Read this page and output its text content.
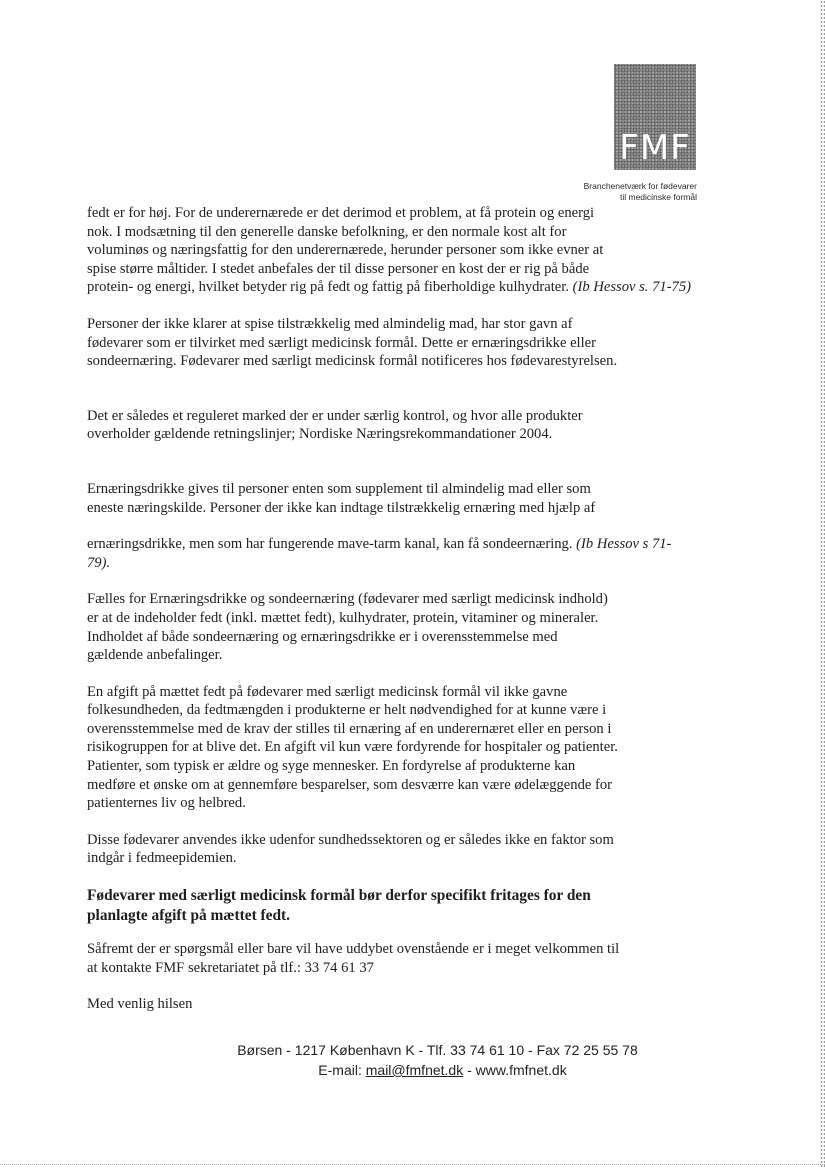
FMF
Branchenetværk for fødevarer
til medicinske formål

fedt er for høj. For de underernærede er det derimod et problem, at få protein og energi
nok. I modsætning til den generelle danske befolkning, er den normale kost alt for
voluminøs og næringsfattig for den underernærede, herunder personer som ikke evner at
spise større måltider. I stedet anbefales der til disse personer en kost der er rig på både
protein- og energi, hvilket betyder rig på fedt og fattig på fiberholdige kulhydrater. (Ib Hessov s. 71-75)

Personer der ikke klarer at spise tilstrækkelig med almindelig mad, har stor gavn af
fødevarer som er tilvirket med særligt medicinsk formål. Dette er ernæringsdrikke eller
sondeernæring. Fødevarer med særligt medicinsk formål notificeres hos fødevarestyrelsen.

Det er således et reguleret marked der er under særlig kontrol, og hvor alle produkter
overholder gældende retningslinjer; Nordiske Næringsrekommandationer 2004.

Ernæringsdrikke gives til personer enten som supplement til almindelig mad eller som
eneste næringskilde. Personer der ikke kan indtage tilstrækkelig ernæring med hjælp af

ernæringsdrikke, men som har fungerende mave-tarm kanal, kan få sondeernæring. (Ib Hessov s 71-79).

Fælles for Ernæringsdrikke og sondeernæring (fødevarer med særligt medicinsk indhold)
er at de indeholder fedt (inkl. mættet fedt), kulhydrater, protein, vitaminer og mineraler.
Indholdet af både sondeernæring og ernæringsdrikke er i overensstemmelse med
gældende anbefalinger.

En afgift på mættet fedt på fødevarer med særligt medicinsk formål vil ikke gavne
folkesundheden, da fedtmængden i produkterne er helt nødvendighed for at kunne være i
overensstemmelse med de krav der stilles til ernæring af en underernæret eller en person i
risikogruppen for at blive det. En afgift vil kun være fordyrende for hospitaler og patienter.
Patienter, som typisk er ældre og syge mennesker. En fordyrelse af produkterne kan
medføre et ønske om at gennemføre besparelser, som desværre kan være ødelæggende for
patienternes liv og helbred.

Disse fødevarer anvendes ikke udenfor sundhedssektoren og er således ikke en faktor som
indgår i fedmeepidemien.

Fødevarer med særligt medicinsk formål bør derfor specifikt fritages for den
planlagte afgift på mættet fedt.

Såfremt der er spørgsmål eller bare vil have uddybet ovenstående er i meget velkommen til
at kontakte FMF sekretariatet på tlf.: 33 74 61 37

Med venlig hilsen

Børsen - 1217 København K - Tlf. 33 74 61 10 - Fax 72 25 55 78
E-mail: mail@fmfnet.dk - www.fmfnet.dk
